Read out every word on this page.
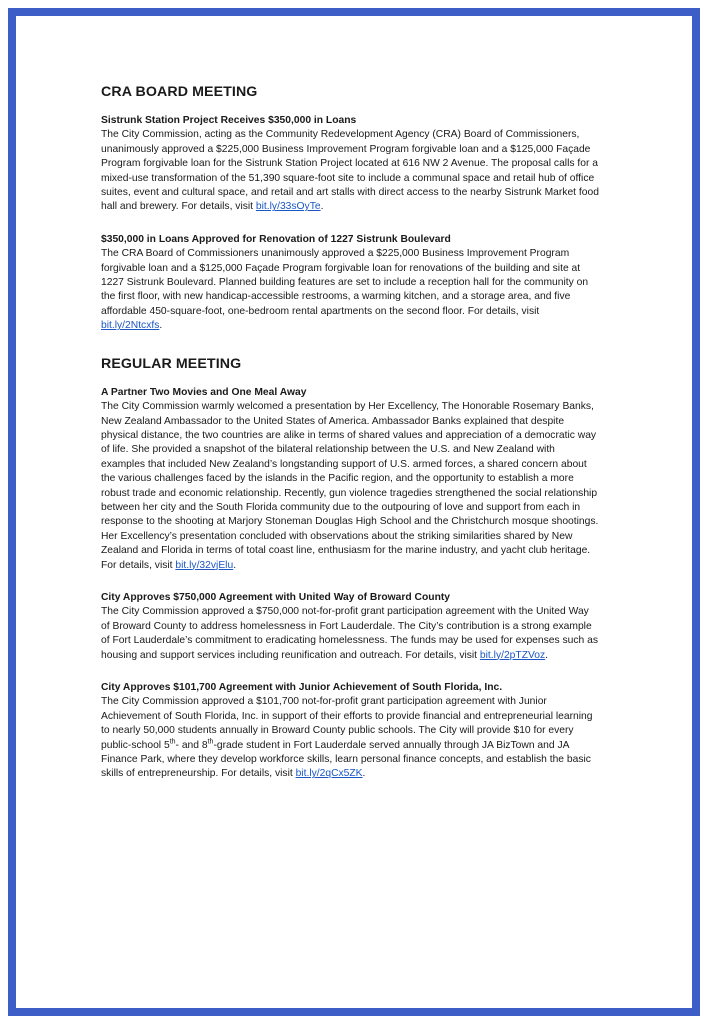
CRA BOARD MEETING

Sistrunk Station Project Receives $350,000 in Loans

The City Commission, acting as the Community Redevelopment Agency (CRA) Board of Commissioners, unanimously approved a $225,000 Business Improvement Program forgivable loan and a $125,000 Façade Program forgivable loan for the Sistrunk Station Project located at 616 NW 2 Avenue. The proposal calls for a mixed-use transformation of the 51,390 square-foot site to include a communal space and retail hub of office suites, event and cultural space, and retail and art stalls with direct access to the nearby Sistrunk Market food hall and brewery. For details, visit bit.ly/33sOyTe.

$350,000 in Loans Approved for Renovation of 1227 Sistrunk Boulevard

The CRA Board of Commissioners unanimously approved a $225,000 Business Improvement Program forgivable loan and a $125,000 Façade Program forgivable loan for renovations of the building and site at 1227 Sistrunk Boulevard. Planned building features are set to include a reception hall for the community on the first floor, with new handicap-accessible restrooms, a warming kitchen, and a storage area, and five affordable 450-square-foot, one-bedroom rental apartments on the second floor. For details, visit bit.ly/2Ntcxfs.

REGULAR MEETING

A Partner Two Movies and One Meal Away

The City Commission warmly welcomed a presentation by Her Excellency, The Honorable Rosemary Banks, New Zealand Ambassador to the United States of America. Ambassador Banks explained that despite physical distance, the two countries are alike in terms of shared values and appreciation of a democratic way of life. She provided a snapshot of the bilateral relationship between the U.S. and New Zealand with examples that included New Zealand’s longstanding support of U.S. armed forces, a shared concern about the various challenges faced by the islands in the Pacific region, and the opportunity to establish a more robust trade and economic relationship. Recently, gun violence tragedies strengthened the social relationship between her city and the South Florida community due to the outpouring of love and support from each in response to the shooting at Marjory Stoneman Douglas High School and the Christchurch mosque shootings. Her Excellency’s presentation concluded with observations about the striking similarities shared by New Zealand and Florida in terms of total coast line, enthusiasm for the marine industry, and yacht club heritage. For details, visit bit.ly/32vjElu.

City Approves $750,000 Agreement with United Way of Broward County

The City Commission approved a $750,000 not-for-profit grant participation agreement with the United Way of Broward County to address homelessness in Fort Lauderdale. The City’s contribution is a strong example of Fort Lauderdale’s commitment to eradicating homelessness. The funds may be used for expenses such as housing and support services including reunification and outreach. For details, visit bit.ly/2pTZVoz.

City Approves $101,700 Agreement with Junior Achievement of South Florida, Inc.

The City Commission approved a $101,700 not-for-profit grant participation agreement with Junior Achievement of South Florida, Inc. in support of their efforts to provide financial and entrepreneurial learning to nearly 50,000 students annually in Broward County public schools. The City will provide $10 for every public-school 5th- and 8th-grade student in Fort Lauderdale served annually through JA BizTown and JA Finance Park, where they develop workforce skills, learn personal finance concepts, and establish the basic skills of entrepreneurship. For details, visit bit.ly/2qCx5ZK.
